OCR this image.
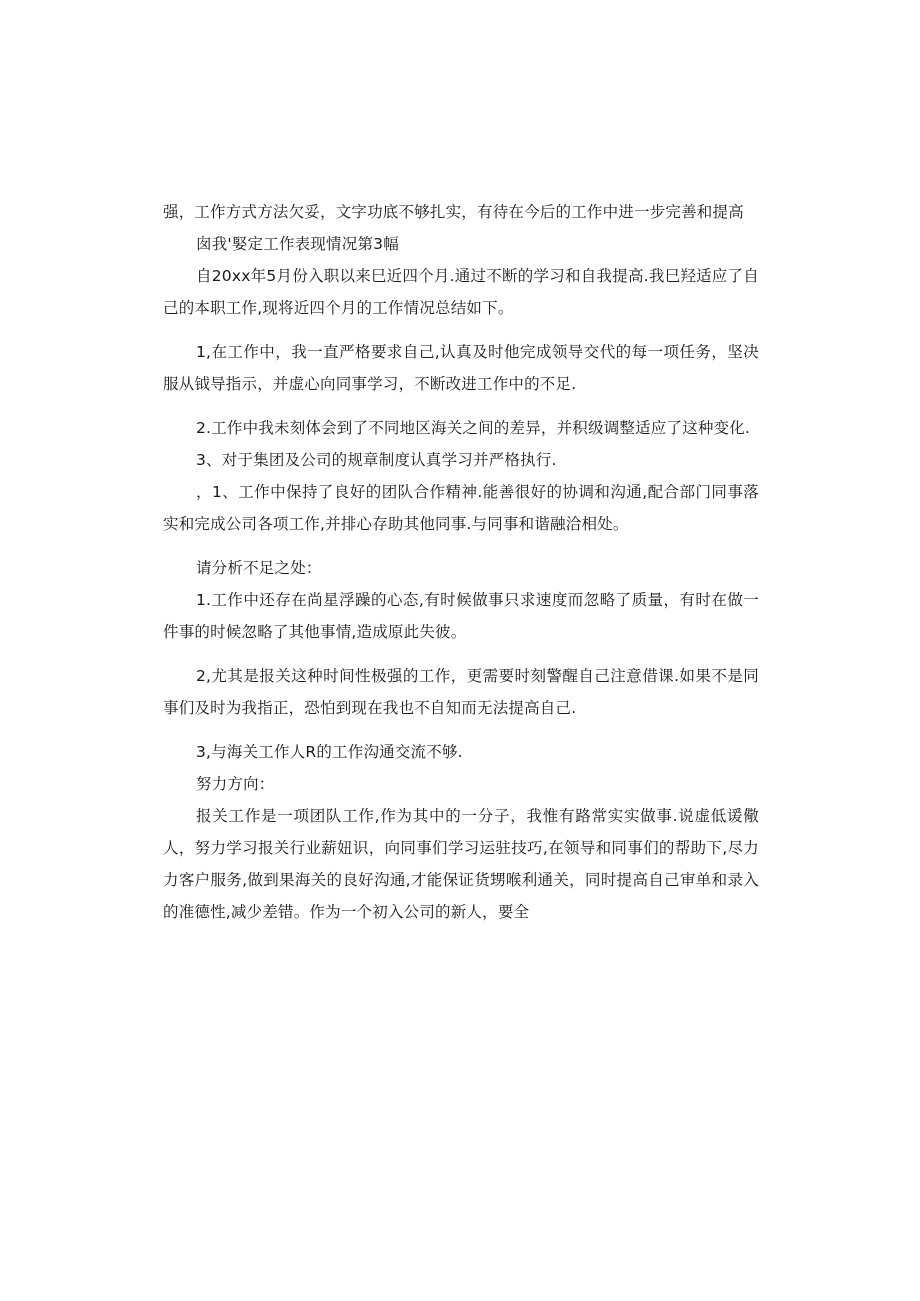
强，工作方式方法欠妥，文字功底不够扎实，有待在今后的工作中进一步完善和提高

囱我'婜定工作表现情况第3幅

自20xx年5月份入职以来巳近四个月.通过不断的学习和自我提高.我巳羟适应了自己的本职工作,现将近四个月的工作情况总结如下。

1,在工作中，我一直严格要求自己,认真及时他完成领导交代的每一项任务，坚决服从钺导指示，并虚心向同事学习，不断改进工作中的不足.

2.工作中我未刻体会到了不同地区海关之间的差异，并积级调整适应了这种变化.

3、对于集团及公司的规章制度认真学习并严格执行.

，1、工作中保持了良好的团队合作精神.能善很好的协调和沟通,配合部门同事落实和完成公司各项工作,并排心存助其他同事.与同事和谐融洽相处。

请分析不足之处：

1.工作中还存在尚星浮躁的心态,有时候做事只求速度而忽略了质量，有时在做一件事的时候忽略了其他事情,造成原此失彼。

2,尤其是报关这种时间性极强的工作，更需要时刻警醒自己注意借课.如果不是同事们及时为我指正，恐怕到现在我也不自知而无法提高自己.

3,与海关工作人R的工作沟通交流不够.

努力方向：

报关工作是一项团队工作,作为其中的一分子，我惟有路常实实做事.说虚低谖儆人，努力学习报关行业薪妞识，向同事们学习运驻技巧,在领导和同事们的帮助下,尽力力客户服务,做到果海关的良好沟通,才能保证货甥喉利通关，同时提高自己审单和录入的准德性,减少差错。作为一个初入公司的新人，要全
